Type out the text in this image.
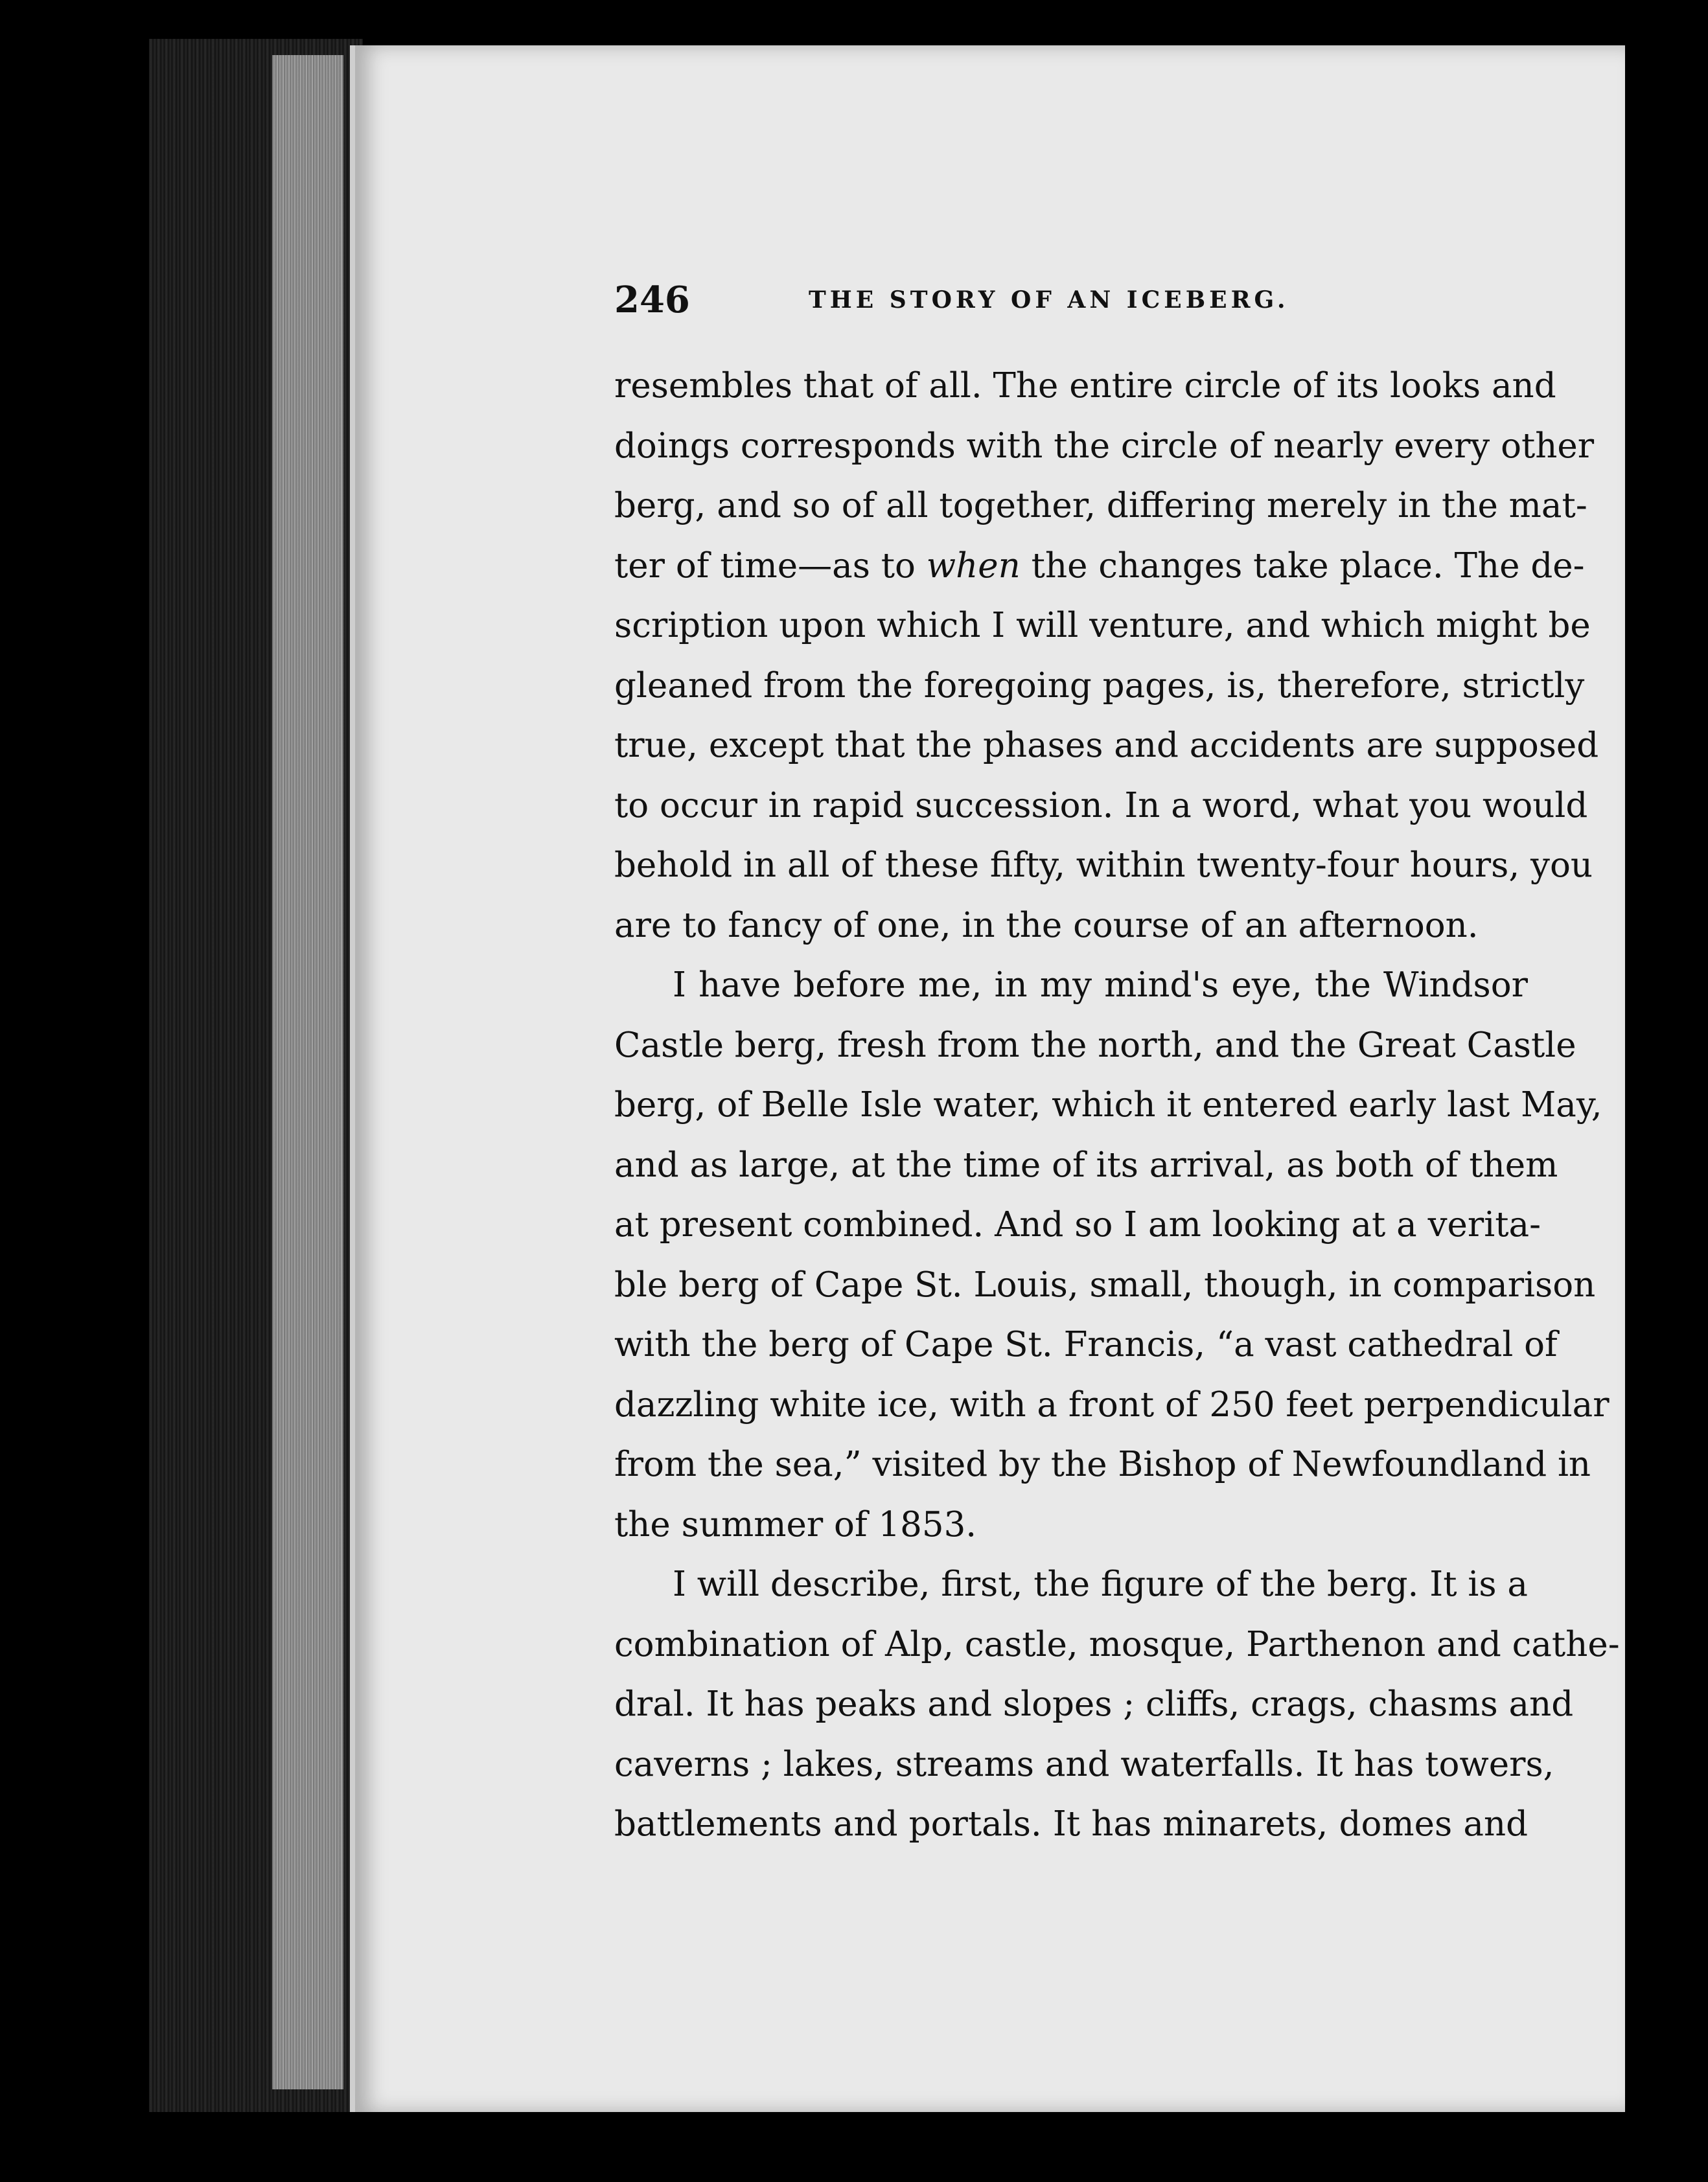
246	THE STORY OF AN ICEBERG.
resembles that of all. The entire circle of its looks and
doings corresponds with the circle of nearly every other
berg, and so of all together, differing merely in the mat-
ter of time—as to when the changes take place. The de-
scription upon which I will venture, and which might be
gleaned from the foregoing pages, is, therefore, strictly
true, except that the phases and accidents are supposed
to occur in rapid succession. In a word, what you would
behold in all of these fifty, within twenty-four hours, you
are to fancy of one, in the course of an afternoon.
I have before me, in my mind's eye, the Windsor
Castle berg, fresh from the north, and the Great Castle
berg, of Belle Isle water, which it entered early last May,
and as large, at the time of its arrival, as both of them
at present combined. And so I am looking at a verita-
ble berg of Cape St. Louis, small, though, in comparison
with the berg of Cape St. Francis, “a vast cathedral of
dazzling white ice, with a front of 250 feet perpendicular
from the sea,” visited by the Bishop of Newfoundland in
the summer of 1853.
I will describe, first, the figure of the berg. It is a
combination of Alp, castle, mosque, Parthenon and cathe-
dral. It has peaks and slopes ; cliffs, crags, chasms and
caverns ; lakes, streams and waterfalls. It has towers,
battlements and portals. It has minarets, domes and
